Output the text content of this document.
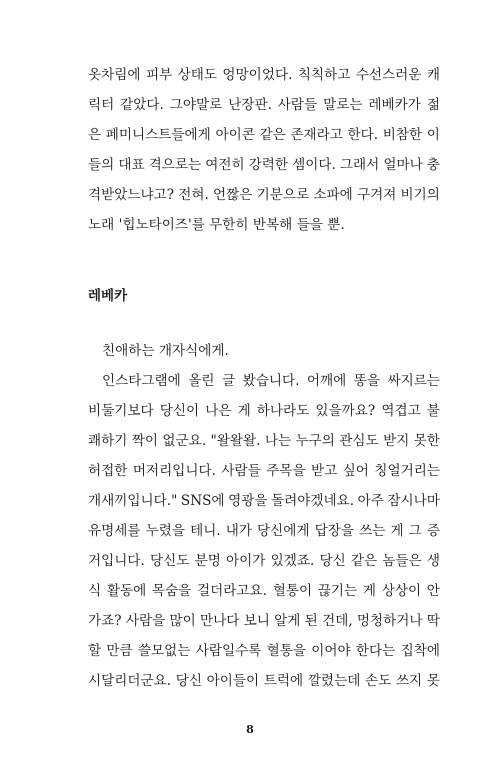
옷차림에 피부 상태도 엉망이었다. 칙칙하고 수선스러운 캐
릭터 같았다. 그야말로 난장판. 사람들 말로는 레베카가 젊
은 페미니스트들에게 아이콘 같은 존재라고 한다. 비참한 이
들의 대표 격으로는 여전히 강력한 셈이다. 그래서 얼마나 충
격받았느냐고? 전혀. 언짢은 기분으로 소파에 구겨져 비기의
노래 '힙노타이즈'를 무한히 반복해 들을 뿐.
레베카
친애하는 개자식에게.
인스타그램에 올린 글 봤습니다. 어깨에 똥을 싸지르는
비둘기보다 당신이 나은 게 하나라도 있을까요? 역겹고 불
쾌하기 짝이 없군요. "왈왈왈. 나는 누구의 관심도 받지 못한
허접한 머저리입니다. 사람들 주목을 받고 싶어 칭얼거리는
개새끼입니다." SNS에 영광을 돌려야겠네요. 아주 잠시나마
유명세를 누렸을 테니. 내가 당신에게 답장을 쓰는 게 그 증
거입니다. 당신도 분명 아이가 있겠죠. 당신 같은 놈들은 생
식 활동에 목숨을 걸더라고요. 혈통이 끊기는 게 상상이 안
가죠? 사람을 많이 만나다 보니 알게 된 건데, 멍청하거나 딱
할 만큼 쓸모없는 사람일수록 혈통을 이어야 한다는 집착에
시달리더군요. 당신 아이들이 트럭에 깔렸는데 손도 쓰지 못
8
